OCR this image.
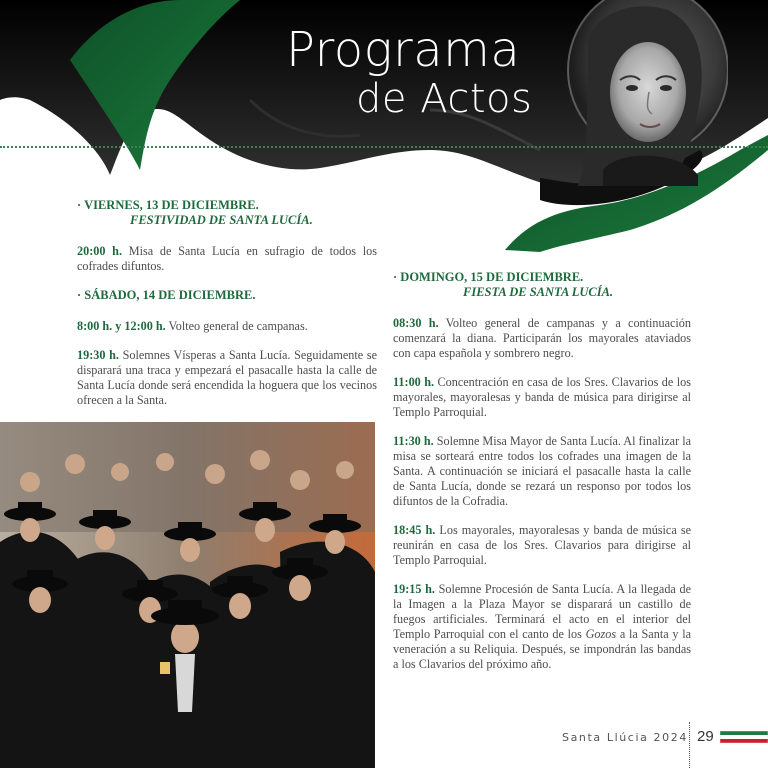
Programa
de Actos

· VIERNES, 13 DE DICIEMBRE.

FESTIVIDAD DE SANTA LUCÍA.

20:00 h. Misa de Santa Lucía en sufragio de todos los cofrades difuntos.

· SÁBADO, 14 DE DICIEMBRE.

8:00 h. y 12:00 h. Volteo general de campanas.

19:30 h. Solemnes Vísperas a Santa Lucía. Seguidamente se disparará una traca y empezará el pasacalle hasta la calle de Santa Lucía donde será encendida la hoguera que los vecinos ofrecen a la Santa.

· DOMINGO, 15 DE DICIEMBRE.

FIESTA DE SANTA LUCÍA.

08:30 h. Volteo general de campanas y a continuación comenzará la diana. Participarán los mayorales ataviados con capa española y sombrero negro.

11:00 h. Concentración en casa de los Sres. Clavarios de los mayorales, mayoralesas y banda de música para dirigirse al Templo Parroquial.

11:30 h. Solemne Misa Mayor de Santa Lucía. Al finalizar la misa se sorteará entre todos los cofrades una imagen de la Santa. A continuación se iniciará el pasacalle hasta la calle de Santa Lucía, donde se rezará un responso por todos los difuntos de la Cofradia.

18:45 h. Los mayorales, mayoralesas y banda de música se reunirán en casa de los Sres. Clavarios para dirigirse al Templo Parroquial.

19:15 h. Solemne Procesión de Santa Lucía. A la llegada de la Imagen a la Plaza Mayor se disparará un castillo de fuegos artificiales. Terminará el acto en el interior del Templo Parroquial con el canto de los Gozos a la Santa y la veneración a su Reliquia. Después, se impondrán las bandas a los Clavarios del próximo año.

Santa Llúcia 2024 29
